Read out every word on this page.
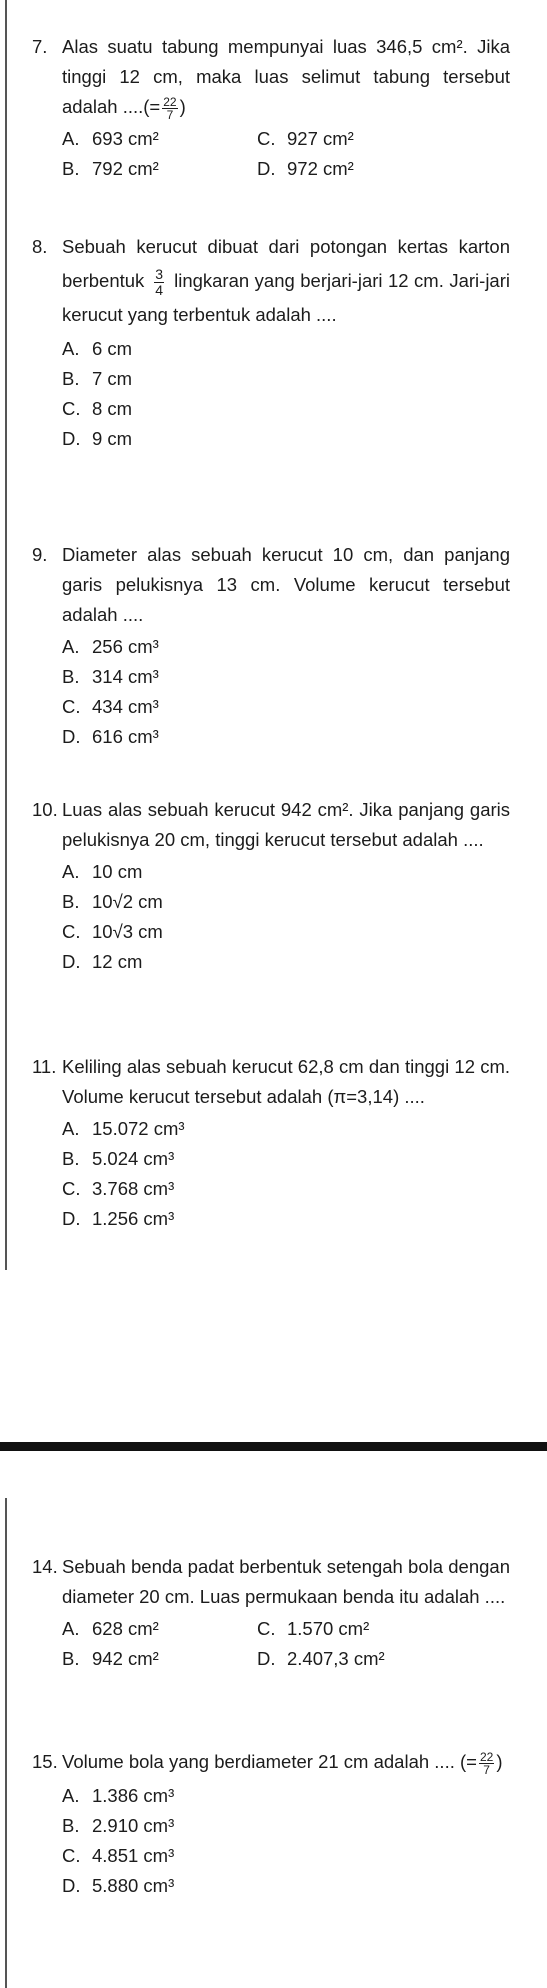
7. Alas suatu tabung mempunyai luas 346,5 cm². Jika tinggi 12 cm, maka luas selimut tabung tersebut adalah ....(= $\frac{22}{7}$ )
A. 693 cm²	C. 927 cm²
B. 792 cm²	D. 972 cm²
8. Sebuah kerucut dibuat dari potongan kertas karton berbentuk $\frac{3}{4}$ lingkaran yang berjari-jari 12 cm. Jari-jari kerucut yang terbentuk adalah ....
A. 6 cm
B. 7 cm
C. 8 cm
D. 9 cm
9. Diameter alas sebuah kerucut 10 cm, dan panjang garis pelukisnya 13 cm. Volume kerucut tersebut adalah ....
A. 256 cm³
B. 314 cm³
C. 434 cm³
D. 616 cm³
10. Luas alas sebuah kerucut 942 cm². Jika panjang garis pelukisnya 20 cm, tinggi kerucut tersebut adalah ....
A. 10 cm
B. 10√2 cm
C. 10√3 cm
D. 12 cm
11. Keliling alas sebuah kerucut 62,8 cm dan tinggi 12 cm. Volume kerucut tersebut adalah (π=3,14) ....
A. 15.072 cm³
B. 5.024 cm³
C. 3.768 cm³
D. 1.256 cm³
14. Sebuah benda padat berbentuk setengah bola dengan diameter 20 cm. Luas permukaan benda itu adalah ....
A. 628 cm²	C. 1.570 cm²
B. 942 cm²	D. 2.407,3 cm²
15. Volume bola yang berdiameter 21 cm adalah .... (= $\frac{22}{7}$ )
A. 1.386 cm³
B. 2.910 cm³
C. 4.851 cm³
D. 5.880 cm³
